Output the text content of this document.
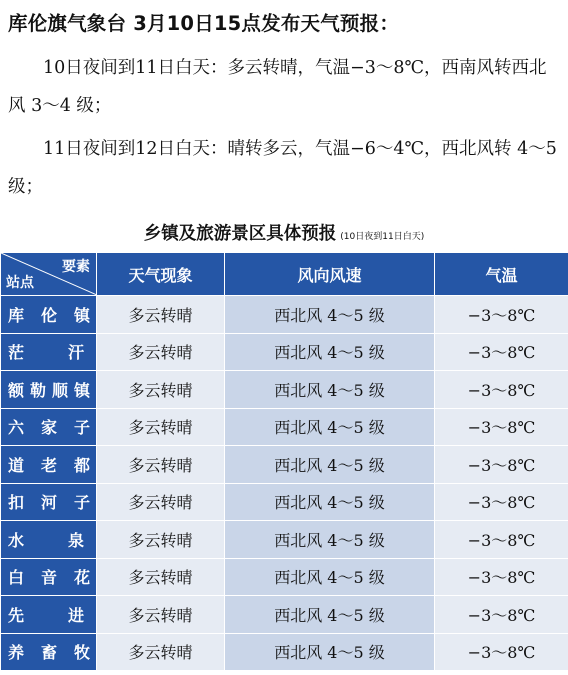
库伦旗气象台 3月10日15点发布天气预报：
10日夜间到11日白天：多云转晴，气温−3～8℃，西南风转西北风 3～4 级；
11日夜间到12日白天：晴转多云，气温−6～4℃，西北风转 4～5 级；
乡镇及旅游景区具体预报 (10日夜到11日白天)
要素
站点	天气现象	风向风速	气温

库 伦 镇	多云转晴	西北风 4～5 级	−3～8℃

茫 汗	多云转晴	西北风 4～5 级	−3～8℃

额 勒 顺 镇	多云转晴	西北风 4～5 级	−3～8℃

六 家 子	多云转晴	西北风 4～5 级	−3～8℃

道 老 都	多云转晴	西北风 4～5 级	−3～8℃

扣 河 子	多云转晴	西北风 4～5 级	−3～8℃

水 泉	多云转晴	西北风 4～5 级	−3～8℃

白 音 花	多云转晴	西北风 4～5 级	−3～8℃

先 进	多云转晴	西北风 4～5 级	−3～8℃

养 畜 牧	多云转晴	西北风 4～5 级	−3～8℃
